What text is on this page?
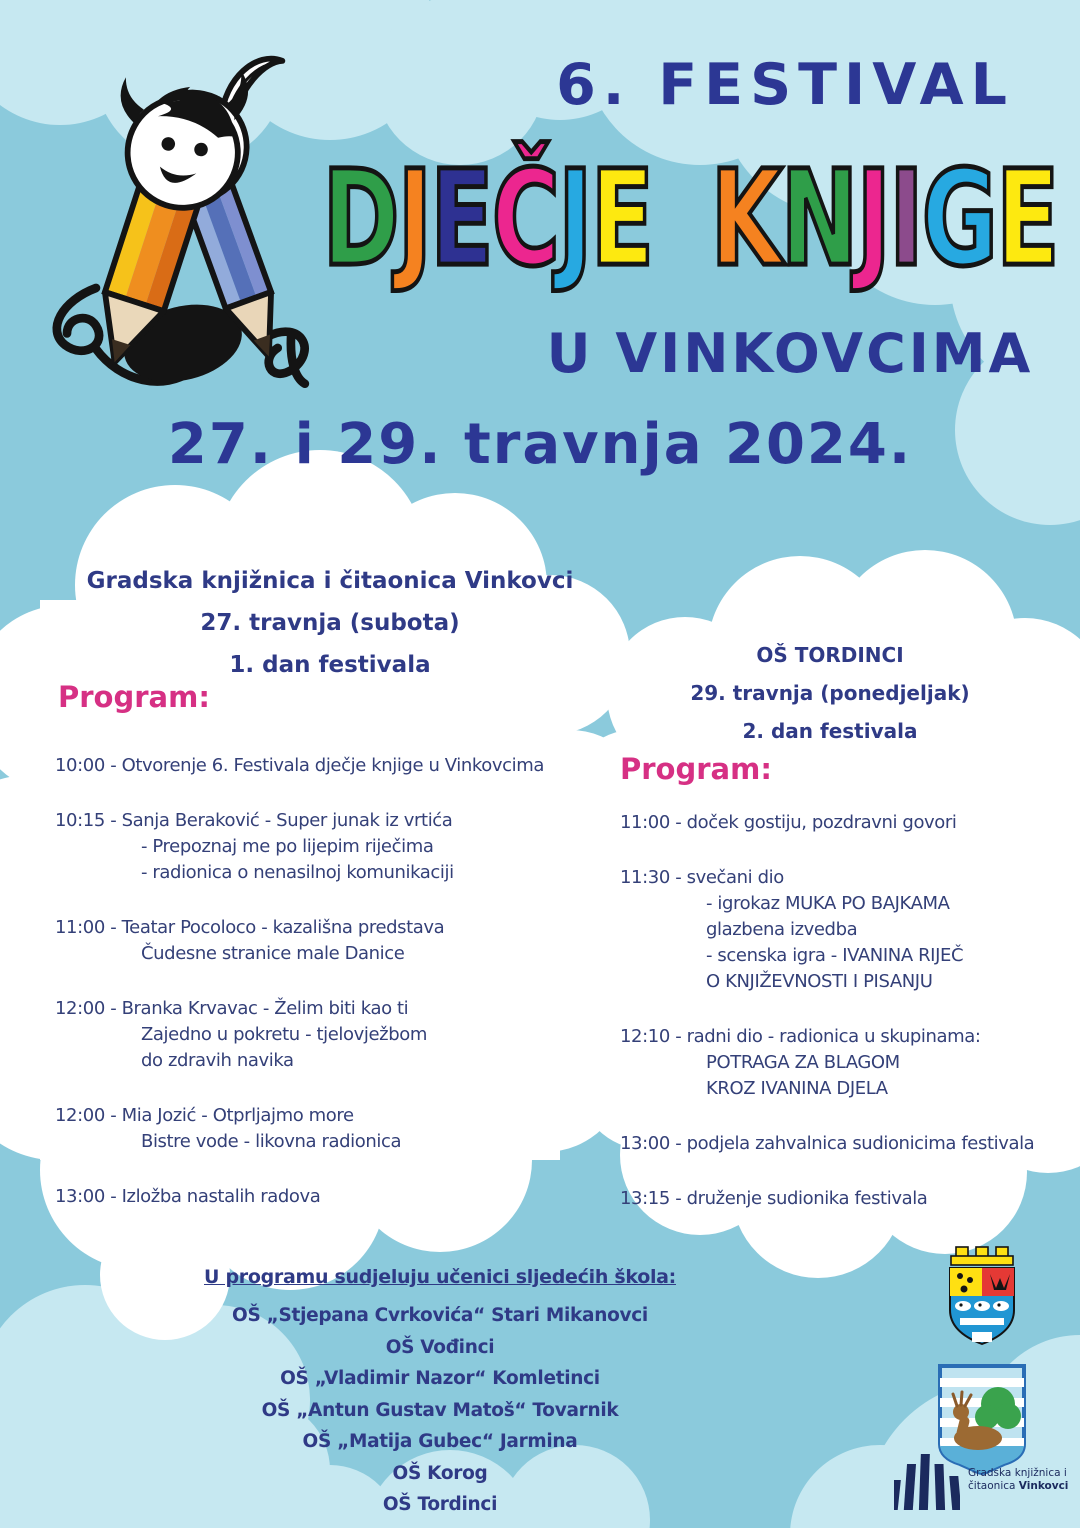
6. FESTIVAL
DJEČJE KNJIGE
U VINKOVCIMA
27. i 29. travnja 2024.
Gradska knjižnica i čitaonica Vinkovci
27. travnja (subota)
1. dan festivala
Program:
10:00 - Otvorenje 6. Festivala dječje knjige u Vinkovcima
10:15 - Sanja Beraković - Super junak iz vrtića
- Prepoznaj me po lijepim riječima
- radionica o nenasilnoj komunikaciji
11:00 - Teatar Pocoloco - kazališna predstava
Čudesne stranice male Danice
12:00 - Branka Krvavac - Želim biti kao ti
Zajedno u pokretu - tjelovježbom
do zdravih navika
12:00 - Mia Jozić - Otprljajmo more
Bistre vode - likovna radionica
13:00 - Izložba nastalih radova
OŠ TORDINCI
29. travnja (ponedjeljak)
2. dan festivala
Program:
11:00 - doček gostiju, pozdravni govori
11:30 - svečani dio
- igrokaz MUKA PO BAJKAMA
glazbena izvedba
- scenska igra - IVANINA RIJEČ
O KNJIŽEVNOSTI I PISANJU
12:10 - radni dio - radionica u skupinama:
POTRAGA ZA BLAGOM
KROZ IVANINA DJELA
13:00 - podjela zahvalnica sudionicima festivala
13:15 - druženje sudionika festivala
U programu sudjeluju učenici sljedećih škola:
OŠ „Stjepana Cvrkovića“ Stari Mikanovci
OŠ Vođinci
OŠ „Vladimir Nazor“ Komletinci
OŠ „Antun Gustav Matoš“ Tovarnik
OŠ „Matija Gubec“ Jarmina
OŠ Korog
OŠ Tordinci
Gradska knjižnica i
čitaonica Vinkovci
